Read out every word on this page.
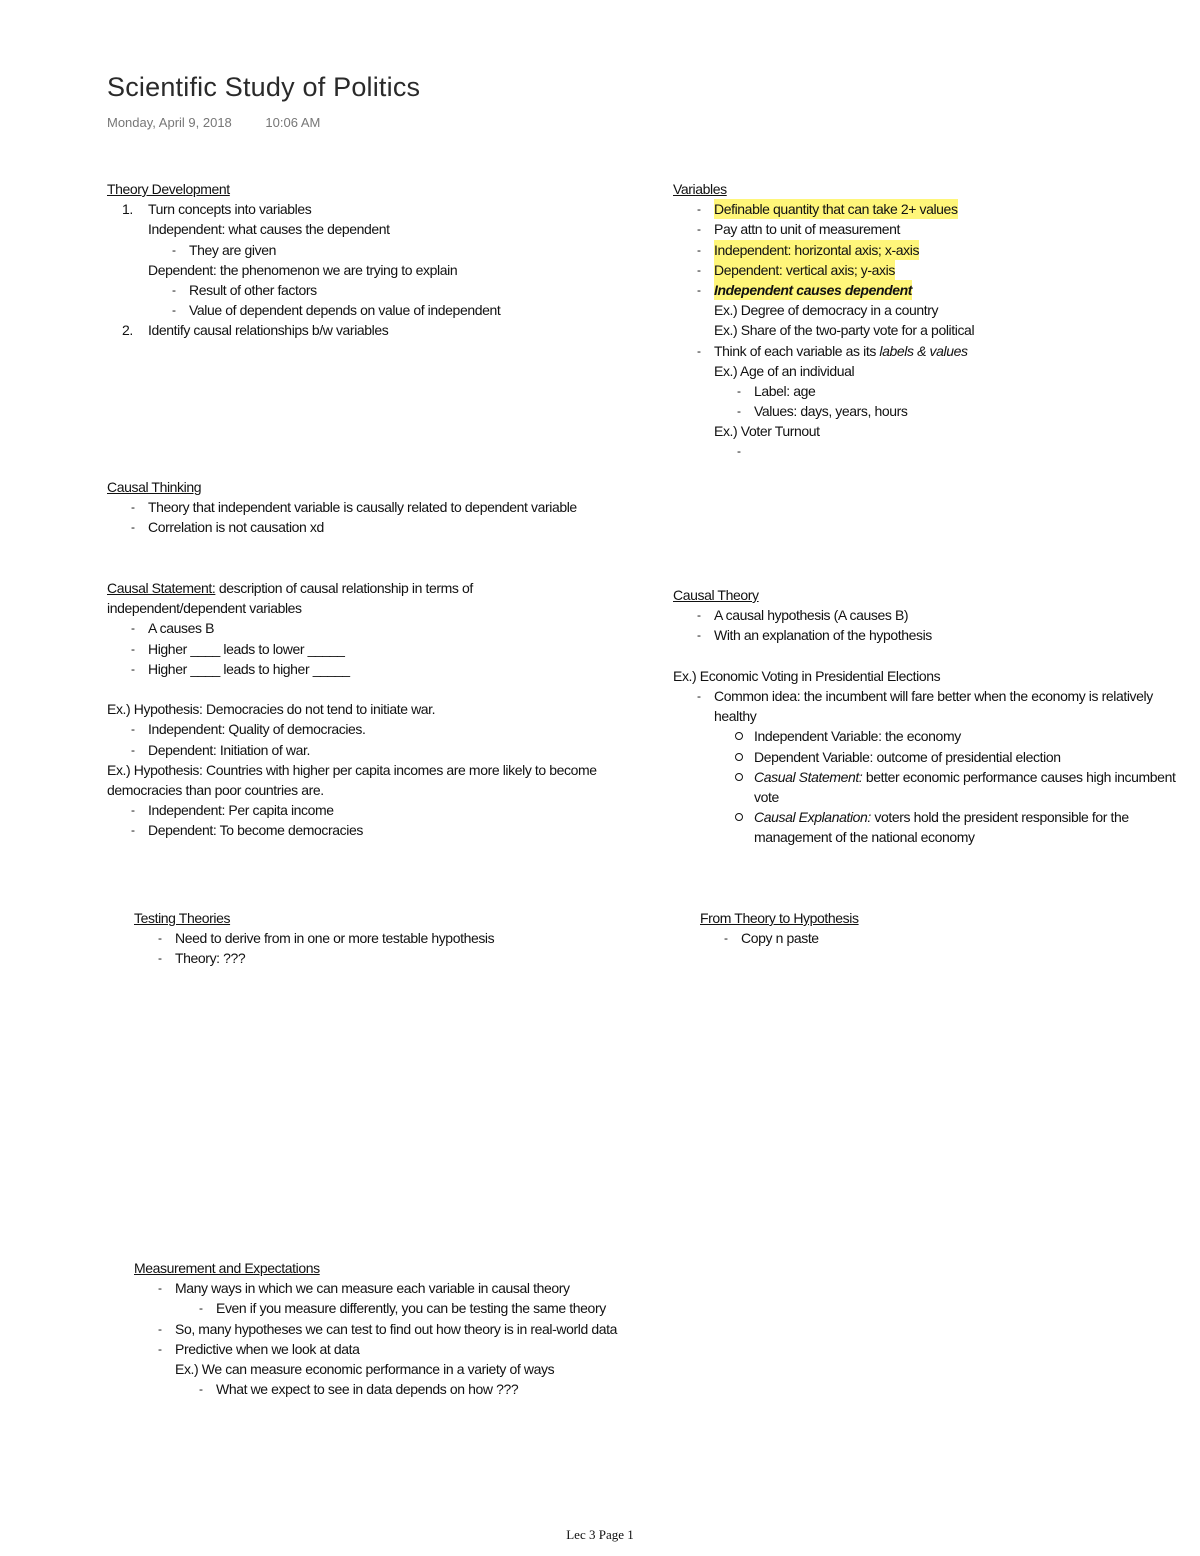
Scientific Study of Politics
Monday, April 9, 2018	10:06 AM
Theory Development
1. Turn concepts into variables
Independent: what causes the dependent
- They are given
Dependent: the phenomenon we are trying to explain
- Result of other factors
- Value of dependent depends on value of independent
2. Identify causal relationships b/w variables
Variables
- Definable quantity that can take 2+ values
- Pay attn to unit of measurement
- Independent: horizontal axis; x-axis
- Dependent: vertical axis; y-axis
- Independent causes dependent
Ex.) Degree of democracy in a country
Ex.) Share of the two-party vote for a political
- Think of each variable as its labels & values
Ex.) Age of an individual
- Label: age
- Values: days, years, hours
Ex.) Voter Turnout
-
Causal Thinking
- Theory that independent variable is causally related to dependent variable
- Correlation is not causation xd
Causal Statement: description of causal relationship in terms of independent/dependent variables
- A causes B
- Higher ____ leads to lower _____
- Higher ____ leads to higher _____
Ex.) Hypothesis: Democracies do not tend to initiate war.
- Independent: Quality of democracies.
- Dependent: Initiation of war.
Ex.) Hypothesis: Countries with higher per capita incomes are more likely to become democracies than poor countries are.
- Independent: Per capita income
- Dependent: To become democracies
Causal Theory
- A causal hypothesis (A causes B)
- With an explanation of the hypothesis
Ex.) Economic Voting in Presidential Elections
- Common idea: the incumbent will fare better when the economy is relatively healthy
Independent Variable: the economy
Dependent Variable: outcome of presidential election
Casual Statement: better economic performance causes high incumbent vote
Causal Explanation: voters hold the president responsible for the management of the national economy
Testing Theories
- Need to derive from in one or more testable hypothesis
- Theory: ???
From Theory to Hypothesis
- Copy n paste
Measurement and Expectations
- Many ways in which we can measure each variable in causal theory
- Even if you measure differently, you can be testing the same theory
- So, many hypotheses we can test to find out how theory is in real-world data
- Predictive when we look at data
Ex.) We can measure economic performance in a variety of ways
- What we expect to see in data depends on how ???
Lec 3 Page 1
